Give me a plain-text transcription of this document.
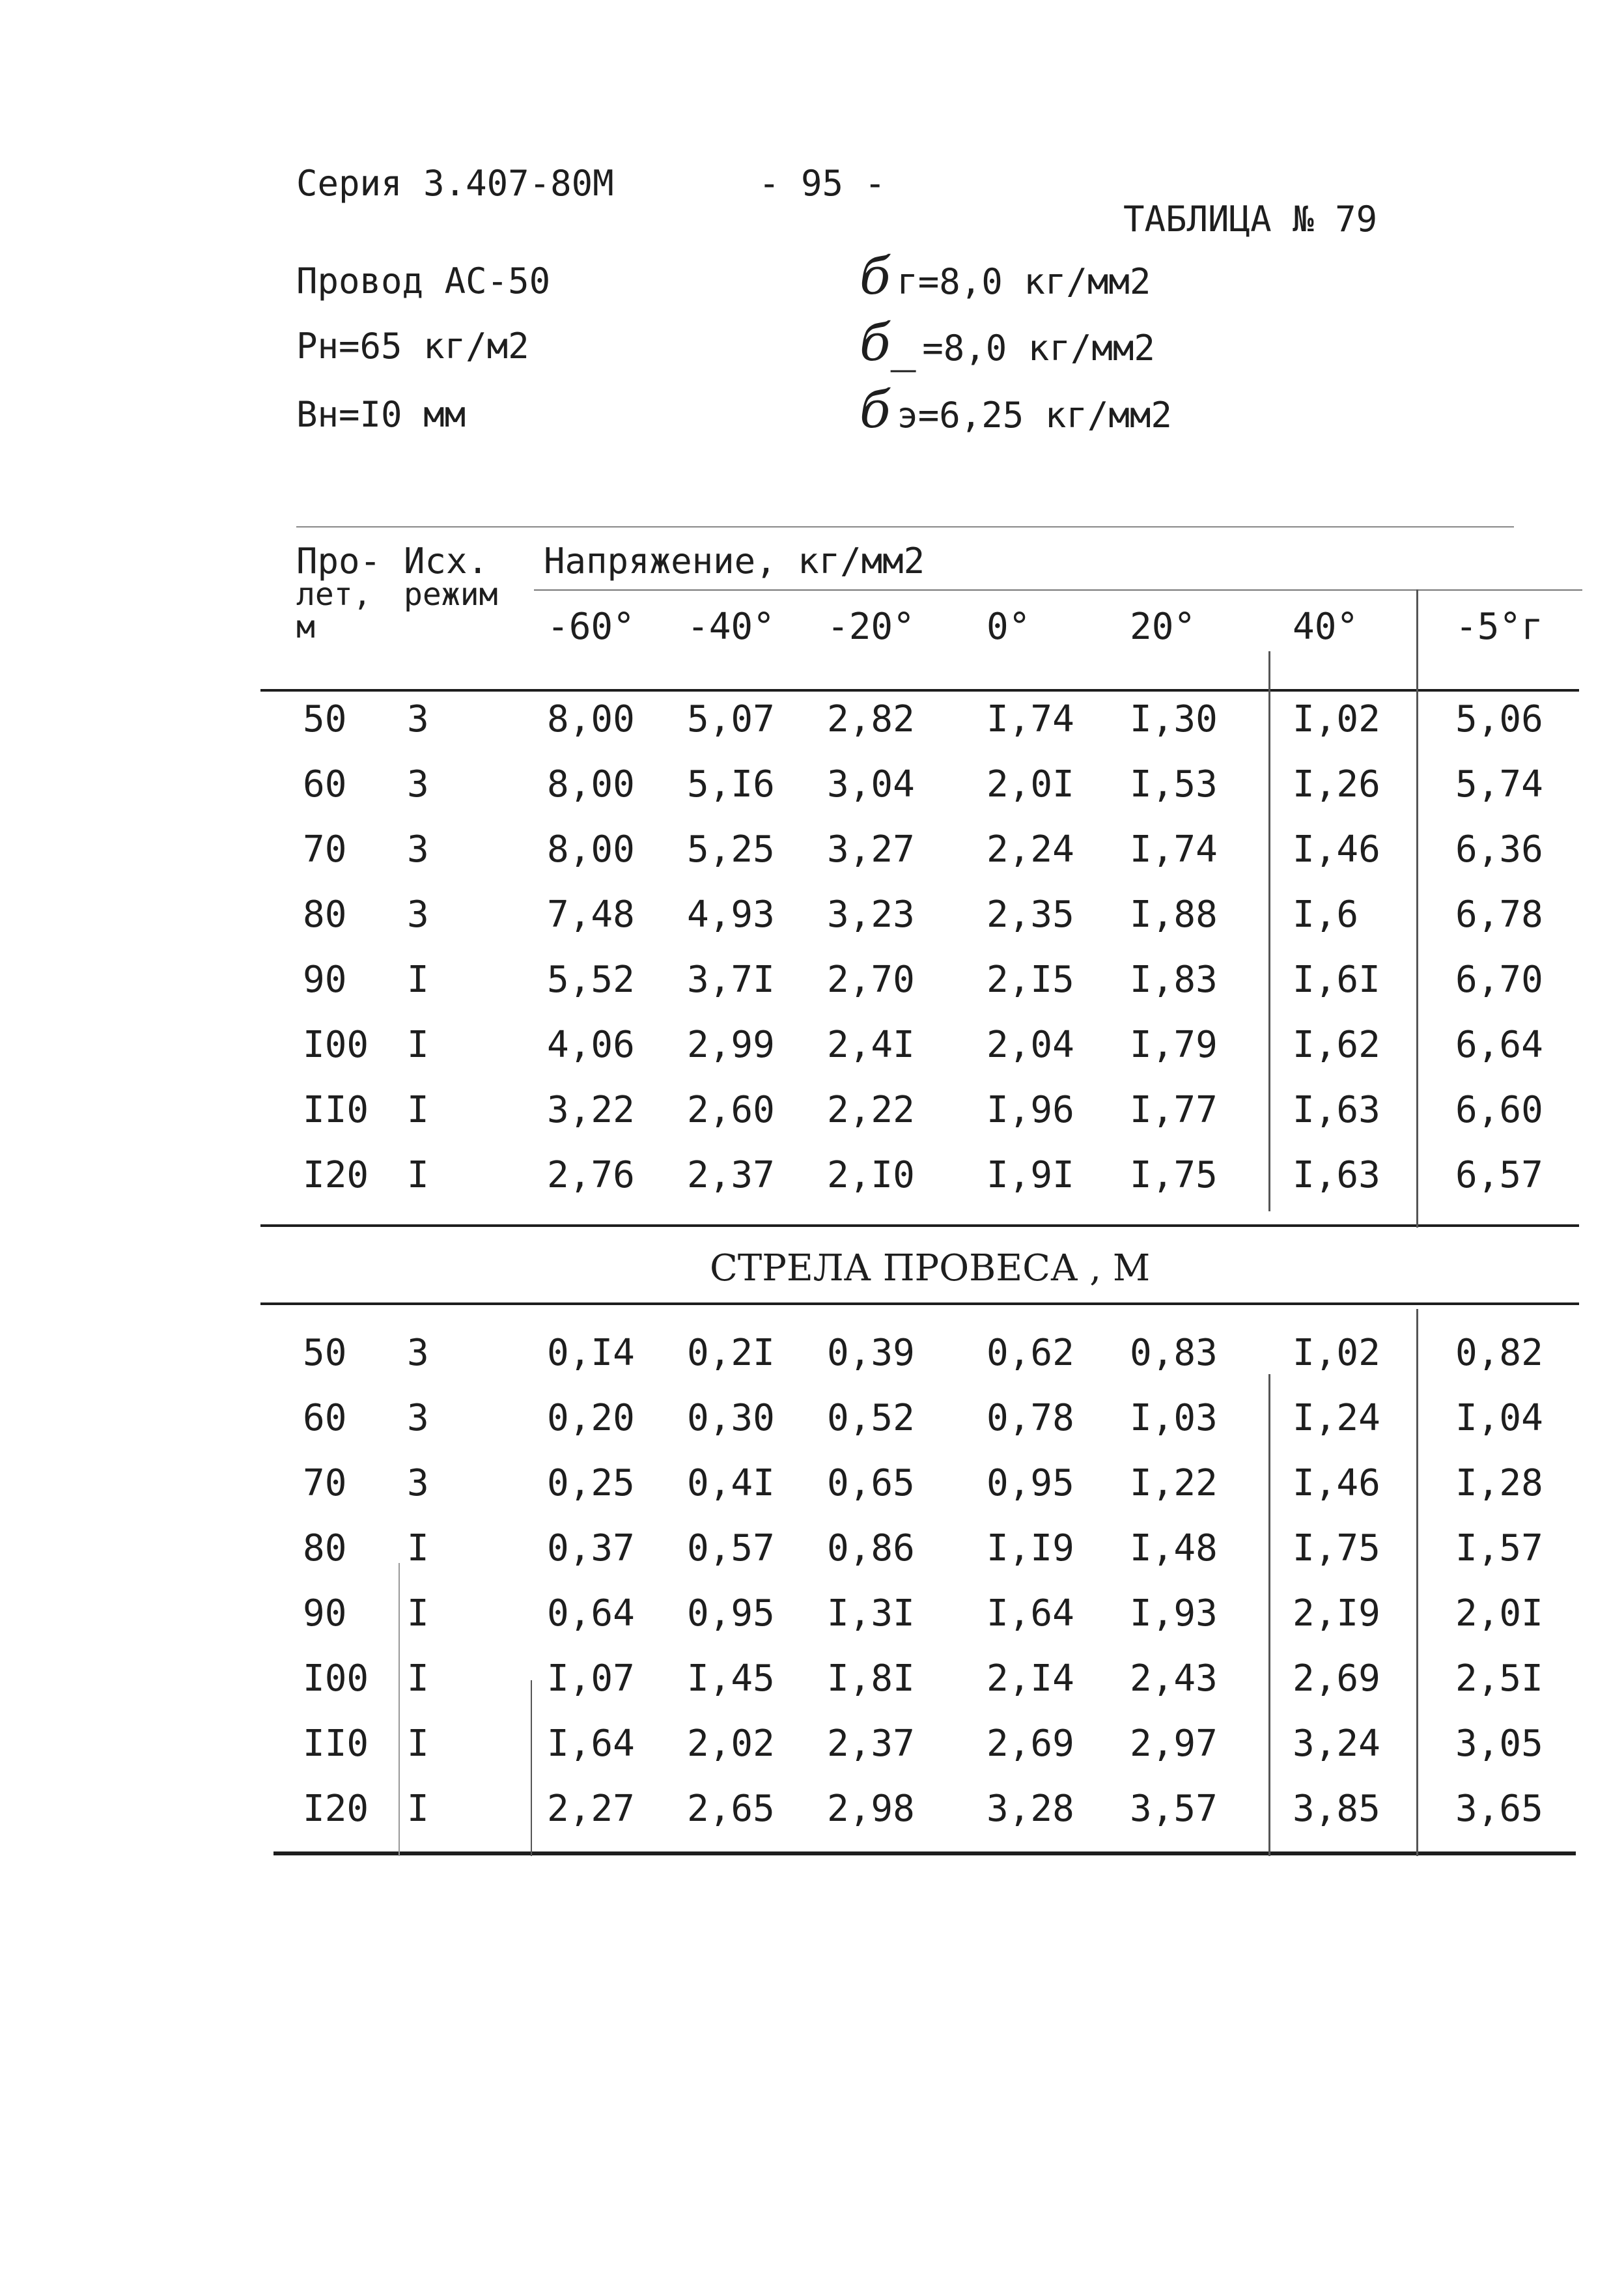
Серия 3.407-80М	- 95 -
ТАБЛИЦА № 79
Провод АС-50
Рн=65 кг/м2
Вн=I0 мм
б г=8,0 кг/мм2
б_ =8,0 кг/мм2
б э=6,25 кг/мм2
Про-
лет,
м
Исх.
режим
Напряжение, кг/мм2
-60° -40° -20° 0°	20°	40°	-5°г
СТРЕЛА ПРОВЕСА , М
50 3	8,00 5,07 2,82 I,74 I,30 I,02 5,06
60 3	8,00 5,I6 3,04 2,0I I,53 I,26 5,74
70 3	8,00 5,25 3,27 2,24 I,74 I,46 6,36
80 3	7,48 4,93 3,23 2,35 I,88 I,6	6,78
90 I	5,52 3,7I 2,70 2,I5 I,83 I,6I 6,70
I00 I	4,06 2,99 2,4I 2,04 I,79 I,62 6,64
II0 I	3,22 2,60 2,22 I,96 I,77 I,63 6,60
I20 I	2,76 2,37 2,I0 I,9I I,75 I,63 6,57
50 3	0,I4 0,2I 0,39 0,62 0,83 I,02 0,82
60 3	0,20 0,30 0,52 0,78 I,03 I,24 I,04
70 3	0,25 0,4I 0,65 0,95 I,22 I,46 I,28
80 I	0,37 0,57 0,86 I,I9 I,48 I,75 I,57
90 I	0,64 0,95 I,3I I,64 I,93 2,I9 2,0I
I00 I	I,07 I,45 I,8I 2,I4 2,43 2,69 2,5I
II0 I	I,64 2,02 2,37 2,69 2,97 3,24 3,05
I20 I	2,27 2,65 2,98 3,28 3,57 3,85 3,65
